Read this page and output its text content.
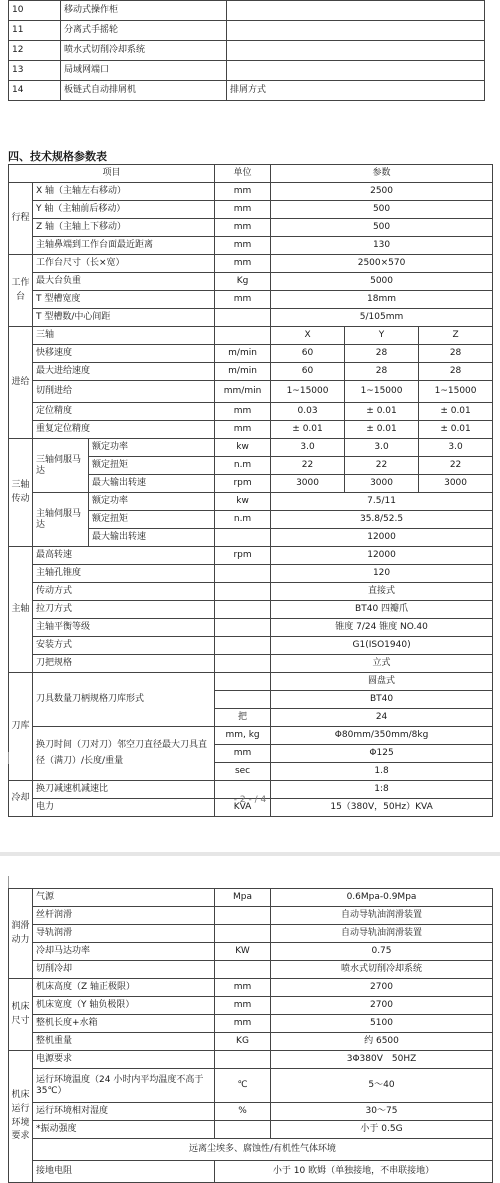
10	移动式操作柜	
11	分离式手摇轮	
12	喷水式切削冷却系统	
13	局域网端口	
14	板链式自动排屑机	排屑方式
四、技术规格参数表
项目			单位	参数		
行程	X 轴（主轴左右移动）		mm	2500		
	Y 轴（主轴前后移动）		mm	500		
	Z 轴（主轴上下移动）		mm	500		
	主轴鼻端到工作台面最近距离		mm	130		
工作台	工作台尺寸（长×宽）		mm	2500×570		
	最大台负重		Kg	5000		
	T 型槽宽度		mm	18mm		
	T 型槽数/中心间距			5/105mm		
进给	三轴			X	Y	Z
	快移速度		m/min	60	28	28
	最大进给速度		m/min	60	28	28
	切削进给		mm/min	1~15000	1~15000	1~15000
	定位精度		mm	0.03	± 0.01	± 0.01
	重复定位精度		mm	± 0.01	± 0.01	± 0.01
三轴传动	三轴伺服马达	额定功率	kw	3.0	3.0	3.0
		额定扭矩	n.m	22	22	22
		最大输出转速	rpm	3000	3000	3000
	主轴伺服马达	额定功率	kw	7.5/11		
		额定扭矩	n.m	35.8/52.5		
		最大输出转速		12000		
主轴	最高转速		rpm	12000		
	主轴孔锥度			120		
	传动方式			直接式		
	拉刀方式			BT40 四瓣爪		
	主轴平衡等级			锥度 7/24 锥度 NO.40		
	安装方式			G1(ISO1940)		
	刀把规格			立式		
刀库	刀具数量刀柄规格刀库形式			圆盘式		
				BT40		
			把	24		
	换刀时间（刀对刀）邻空刀直径最大刀具直径（满刀）/长度/重量		mm, kg	Φ80mm/350mm/8kg		
			mm	Φ125		
			sec	1.8		
冷却	换刀减速机减速比			1:8		
	电力		KVA	15（380V，50Hz）KVA		
- 2 - / 4
润滑动力	气源	Mpa	0.6Mpa-0.9Mpa
	丝杆润滑		自动导轨油润滑装置
	导轨润滑		自动导轨油润滑装置
	冷却马达功率	KW	0.75
	切削冷却		喷水式切削冷却系统
机床尺寸	机床高度（Z 轴正极限）	mm	2700
	机床宽度（Y 轴负极限）	mm	2700
	整机长度+水箱	mm	5100
	整机重量	KG	约 6500
机床运行环境要求	电源要求		3Φ380V　50HZ
	运行环境温度（24 小时内平均温度不高于 35℃）	℃	5～40
	运行环境相对湿度	%	30～75
	*振动强度		小于 0.5G
	远离尘埃多、腐蚀性/有机性气体环境		
	接地电阻	小于 10 欧姆（单独接地，不串联接地）	
